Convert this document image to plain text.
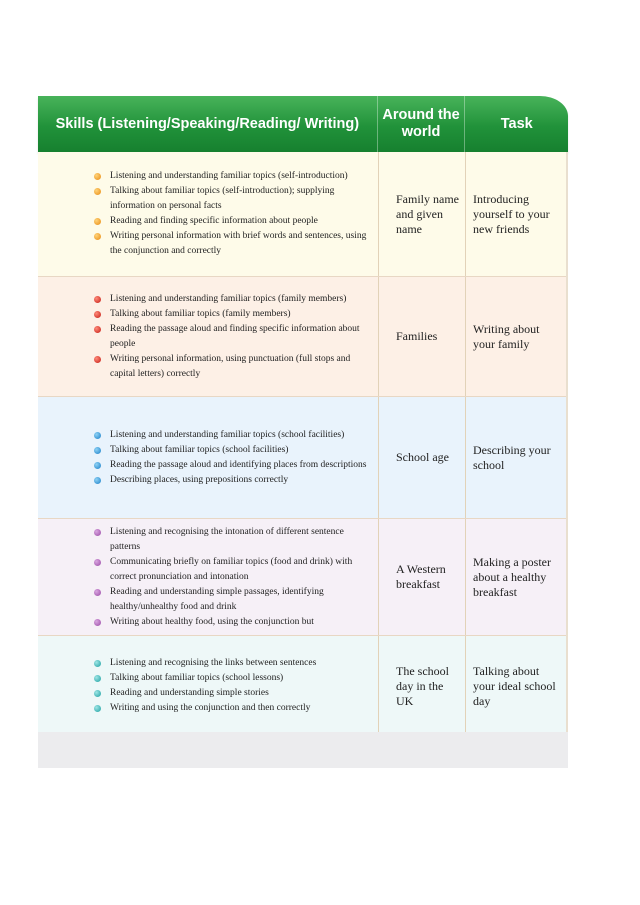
Skills (Listening/Speaking/Reading/ Writing)
Around the world
Task
Listening and understanding familiar topics (self-introduction)
Talking about familiar topics (self-introduction); supplying information on personal facts
Reading and finding specific information about people
Writing personal information with brief words and sentences, using the conjunction and correctly
Family name and given name
Introducing yourself to your new friends
Listening and understanding familiar topics (family members)
Talking about familiar topics (family members)
Reading the passage aloud and finding specific information about people
Writing personal information, using punctuation (full stops and capital letters) correctly
Families
Writing about your family
Listening and understanding familiar topics (school facilities)
Talking about familiar topics (school facilities)
Reading the passage aloud and identifying places from descriptions
Describing places, using prepositions correctly
School age
Describing your school
Listening and recognising the intonation of different sentence patterns
Communicating briefly on familiar topics (food and drink) with correct pronunciation and intonation
Reading and understanding simple passages, identifying healthy/unhealthy food and drink
Writing about healthy food, using the conjunction but
A Western breakfast
Making a poster about a healthy breakfast
Listening and recognising the links between sentences
Talking about familiar topics (school lessons)
Reading and understanding simple stories
Writing and using the conjunction and then correctly
The school day in the UK
Talking about your ideal school day
